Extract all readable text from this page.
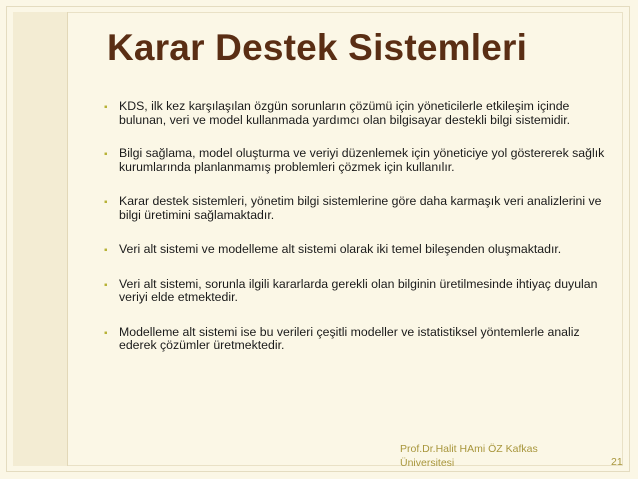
Karar Destek Sistemleri
▪ KDS, ilk kez karşılaşılan özgün sorunların çözümü için yöneticilerle etkileşim içinde bulunan, veri ve model kullanmada yardımcı olan bilgisayar destekli bilgi sistemidir.
▪ Bilgi sağlama, model oluşturma ve veriyi düzenlemek için yöneticiye yol göstererek sağlık kurumlarında planlanmamış problemleri çözmek için kullanılır.
▪ Karar destek sistemleri, yönetim bilgi sistemlerine göre daha karmaşık veri analizlerini ve bilgi üretimini sağlamaktadır.
▪ Veri alt sistemi ve modelleme alt sistemi olarak iki temel bileşenden oluşmaktadır.
▪ Veri alt sistemi, sorunla ilgili kararlarda gerekli olan bilginin üretilmesinde ihtiyaç duyulan veriyi elde etmektedir.
▪ Modelleme alt sistemi ise bu verileri çeşitli modeller ve istatistiksel yöntemlerle analiz ederek çözümler üretmektedir.
Prof.Dr.Halit HAmi ÖZ Kafkas Üniversitesi	21
